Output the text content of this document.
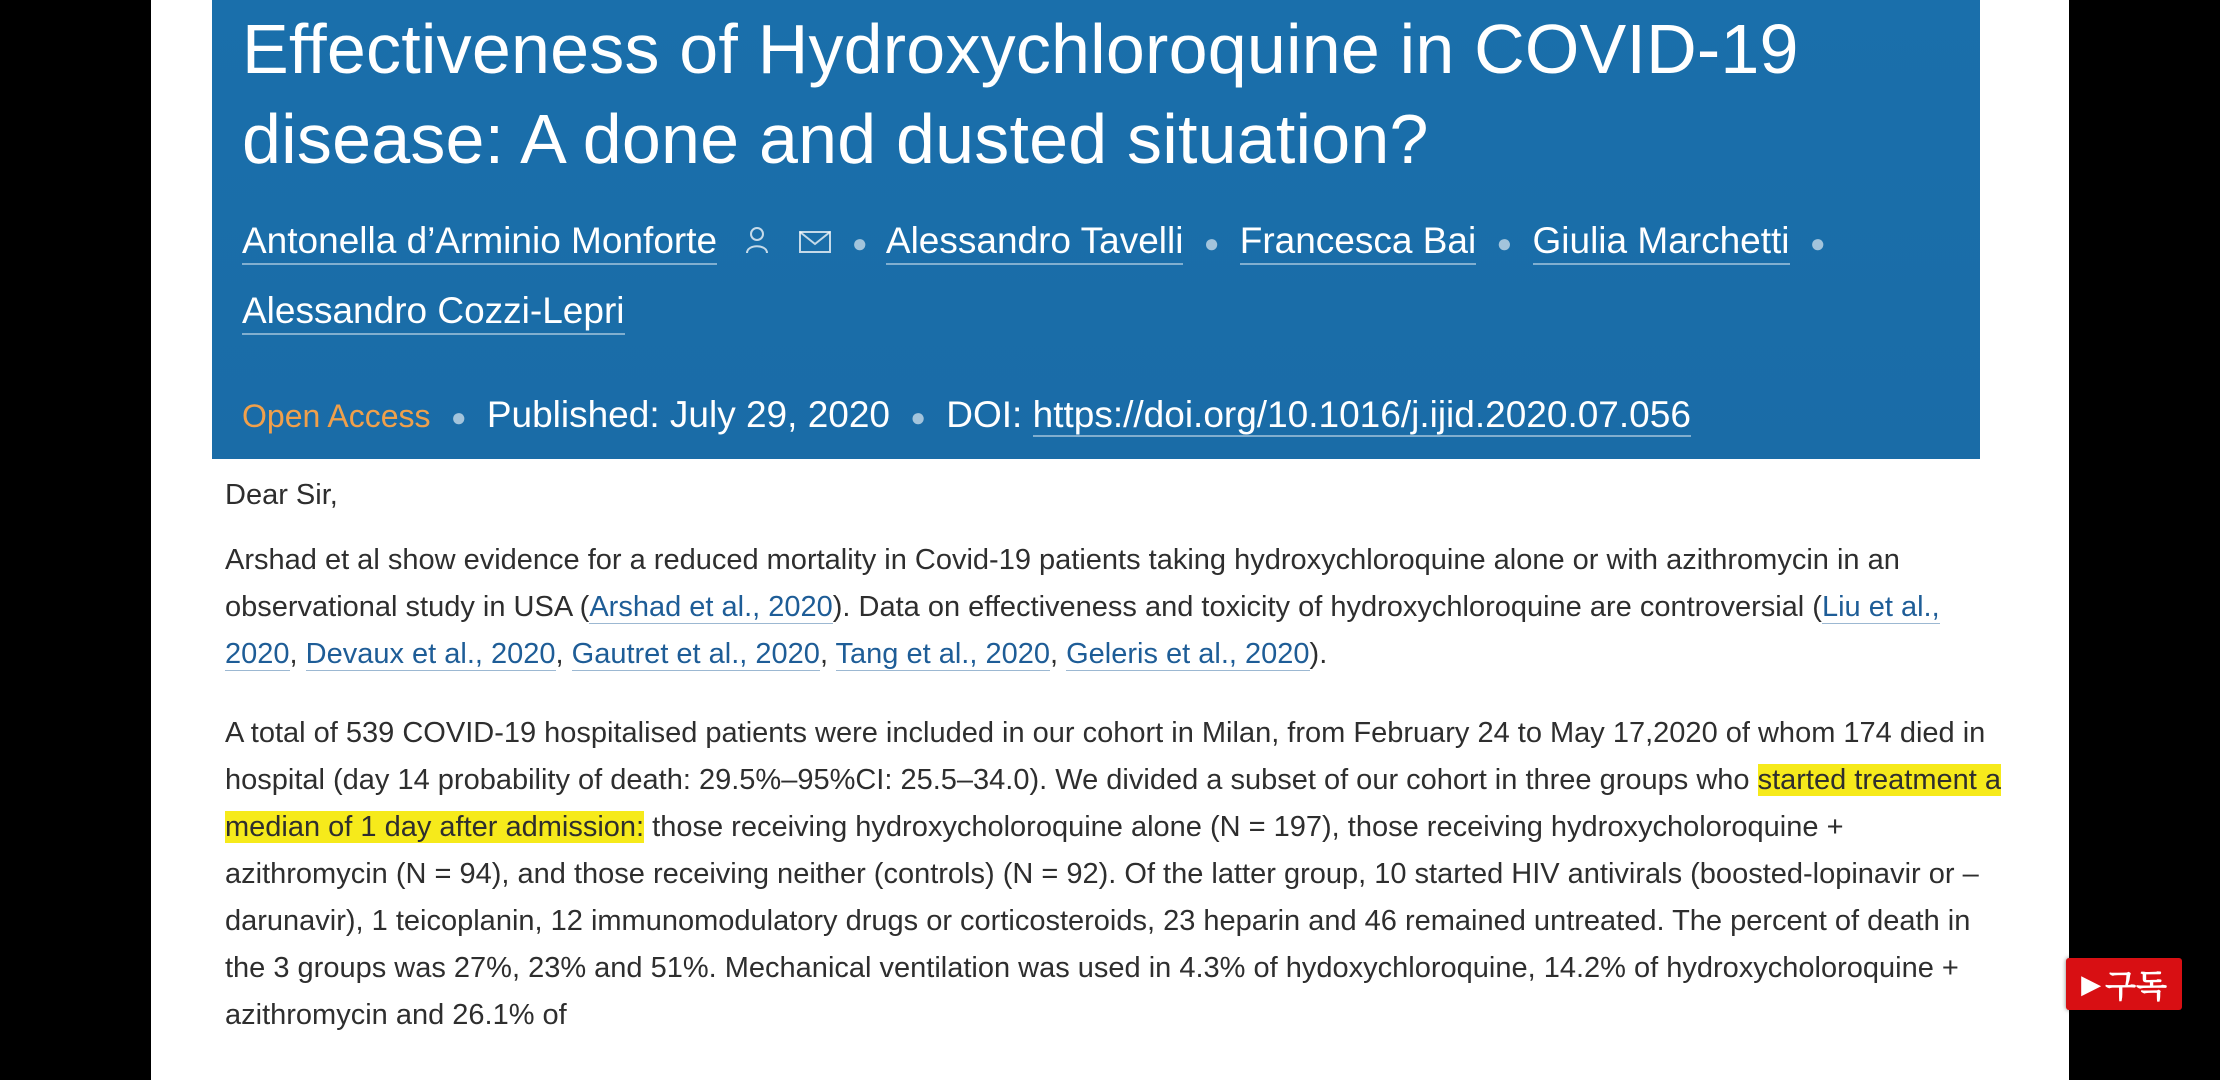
Effectiveness of Hydroxychloroquine in COVID-19 disease: A done and dusted situation?
Antonella d’Arminio Monforte	● Alessandro Tavelli ● Francesca Bai ● Giulia Marchetti ●
Alessandro Cozzi-Lepri
Open Access ● Published: July 29, 2020 ● DOI: https://doi.org/10.1016/j.ijid.2020.07.056

Dear Sir,

Arshad et al show evidence for a reduced mortality in Covid-19 patients taking hydroxychloroquine alone or with azithromycin in an observational study in USA (Arshad et al., 2020). Data on effectiveness and toxicity of hydroxychloroquine are controversial (Liu et al., 2020, Devaux et al., 2020, Gautret et al., 2020, Tang et al., 2020, Geleris et al., 2020).

A total of 539 COVID-19 hospitalised patients were included in our cohort in Milan, from February 24 to May 17,2020 of whom 174 died in hospital (day 14 probability of death: 29.5%–95%CI: 25.5–34.0). We divided a subset of our cohort in three groups who started treatment a median of 1 day after admission: those receiving hydroxycholoroquine alone (N = 197), those receiving hydroxycholoroquine + azithromycin (N = 94), and those receiving neither (controls) (N = 92). Of the latter group, 10 started HIV antivirals (boosted-lopinavir or –darunavir), 1 teicoplanin, 12 immunomodulatory drugs or corticosteroids, 23 heparin and 46 remained untreated. The percent of death in the 3 groups was 27%, 23% and 51%. Mechanical ventilation was used in 4.3% of hydoxychloroquine, 14.2% of hydroxycholoroquine + azithromycin and 26.1% of

▶ 구독
